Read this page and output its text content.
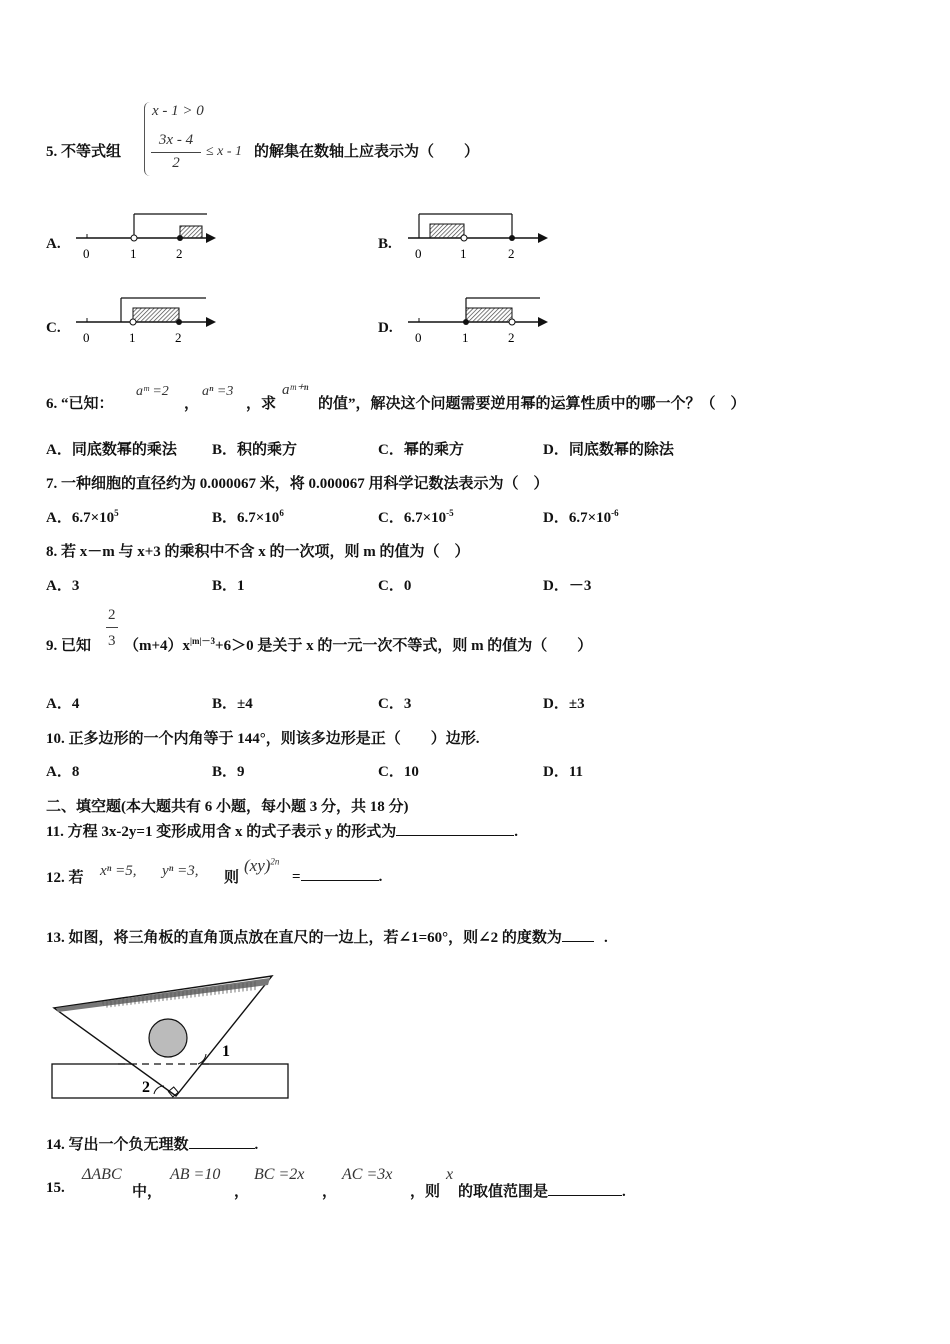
5. 不等式组
x - 1 > 0
3x - 4
2
≤ x - 1 的解集在数轴上应表示为（　　）
A.
0	1	2
B.
0	1	2
C.
0	1	2
D.
0	1	2
6. “已知：
aᵐ =2
，
aⁿ =3
，求
aᵐ⁺ⁿ
的值”，解决这个问题需要逆用幂的运算性质中的哪一个？（　）
A．同底数幂的乘法 B．积的乘方	C．幂的乘方	D．同底数幂的除法
7. 一种细胞的直径约为 0.000067 米，将 0.000067 用科学记数法表示为（　）
A．$6.7\times 10^5$	B．$6.7\times 10^6$	C．$6.7\times 10^{-5}$	D．$6.7\times 10^{-6}$
8. 若 x－m 与 x+3 的乘积中不含 x 的一次项，则 m 的值为（　）
A．3	B．1	C．0	D．－3
9. 已知
2
3 $(m+4)x^{|m|-3}+6>0$ 是关于 x 的一元一次不等式，则 m 的值为（　　）
A．4	B．±4	C．3	D．±3
10. 正多边形的一个内角等于 144°，则该多边形是正（　　）边形.
A．8	B．9	C．10	D．11
二、填空题(本大题共有 6 小题，每小题 3 分，共 18 分)
11. 方程 3x-2y=1 变形成用含 x 的式子表示 y 的形式为	.
12. 若 xⁿ =5, yⁿ =3, 则
(xy)$^{2n}$
=	.
13. 如图，将三角板的直角顶点放在直尺的一边上，若∠1=60°，则∠2 的度数为	.
1
2
14. 写出一个负无理数	.
15.
ΔABC
中，
AB =10
，
BC =2x
，
AC =3x
，则
x
的取值范围是	.
